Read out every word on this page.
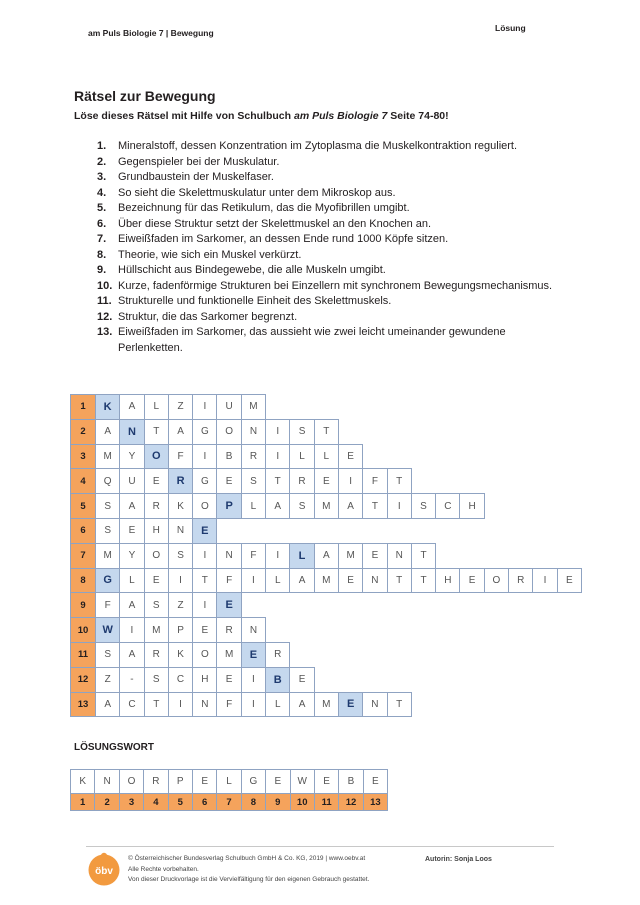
am Puls Biologie 7 | Bewegung	Lösung
Rätsel zur Bewegung
Löse dieses Rätsel mit Hilfe von Schulbuch am Puls Biologie 7 Seite 74-80!
1.	Mineralstoff, dessen Konzentration im Zytoplasma die Muskelkontraktion reguliert.
2.	Gegenspieler bei der Muskulatur.
3.	Grundbaustein der Muskelfaser.
4.	So sieht die Skelettmuskulatur unter dem Mikroskop aus.
5.	Bezeichnung für das Retikulum, das die Myofibrillen umgibt.
6.	Über diese Struktur setzt der Skelettmuskel an den Knochen an.
7.	Eiweißfaden im Sarkomer, an dessen Ende rund 1000 Köpfe sitzen.
8.	Theorie, wie sich ein Muskel verkürzt.
9.	Hüllschicht aus Bindegewebe, die alle Muskeln umgibt.
10. Kurze, fadenförmige Strukturen bei Einzellern mit synchronem Bewegungsmechanismus.
11. Strukturelle und funktionelle Einheit des Skelettmuskels.
12. Struktur, die das Sarkomer begrenzt.
13. Eiweißfaden im Sarkomer, das aussieht wie zwei leicht umeinander gewundene Perlenketten.
1	K	A	L	Z	I	U	M
2	A	N	T	A	G	O	N	I	S	T
3	M	Y	O	F	I	B	R	I	L	L	E
4	Q	U	E	R	G	E	S	T	R	E	I	F	T
5	S	A	R	K	O	P	L	A	S	M	A	T	I	S	C	H
6	S	E	H	N	E
7	M	Y	O	S	I	N	F	I	L	A	M	E	N	T
8	G	L	E	I	T	F	I	L	A	M	E	N	T	T	H	E	O	R	I	E
9	F	A	S	Z	I	E
10	W	I	M	P	E	R	N
11	S	A	R	K	O	M	E	R
12	Z	-	S	C	H	E	I	B	E
13	A	C	T	I	N	F	I	L	A	M	E	N	T
LÖSUNGSWORT
K	N	O	R	P	E	L	G	E	W	E	B	E
1	2	3	4	5	6	7	8	9	10	11	12	13
öbv
© Österreichischer Bundesverlag Schulbuch GmbH & Co. KG, 2019 | www.oebv.at
Alle Rechte vorbehalten.
Von dieser Druckvorlage ist die Vervielfältigung für den eigenen Gebrauch gestattet.
Autorin: Sonja Loos
